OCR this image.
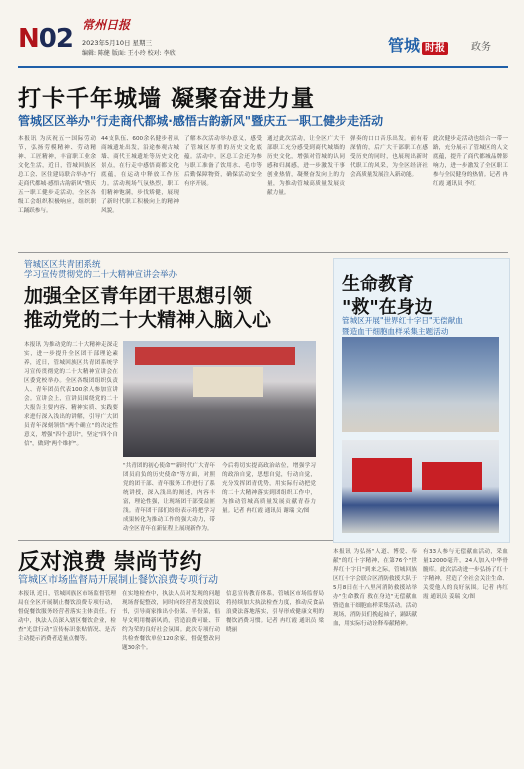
N02 常州日报
2023年5月10日 星期三
编辑: 陈健 版面: 王小玲 校对: 李欣	管城 时报	政务
打卡千年城墙 凝聚奋进力量
管城区区举办"行走商代都城·感悟古韵新风"暨庆五一职工健步走活动
本报讯 为庆祝五一国际劳动节，弘扬劳模精神、劳动精神、工匠精神，丰富职工业余文化生活，近日，管城回族区总工会、区住建局联合举办"行走商代都城·感悟古韵新风"暨庆五一职工健步走活动。全区各级工会组织积极响应，组织职工踊跃参与。
44支队伍、600余名健步者从商城遗址出发，沿途参观古城墙、商代王城遗址等历史文化景点，在行走中感悟商都文化底蕴，在运动中释放工作压力。活动现场气氛热烈，职工们精神饱满，步伐矫健，展现了新时代职工积极向上的精神风貌。
了解本次活动举办意义，感受了管城区厚重的历史文化底蕴。活动中，区总工会还为参与职工准备了饮用水、毛巾等后勤保障物资，确保活动安全有序开展。
通过此次活动，让全区广大干部职工充分感受到商代城墙的历史文化，增强对管城的认同感和归属感，进一步激发干事创业热情，凝聚奋发向上的力量，为推动管城高质量发展贡献力量。
弹奏的口口音乐出发。前有着深情的，后广大干部职工在感受历史的同时，也展现出新时代职工的风采，为全区经济社会高质量发展注入新动能。
此次健步走活动也结合一带一路，充分展示了管城区的人文底蕴，提升了商代都城品牌影响力，进一步激发了全区职工参与全民健身的热情。记者 冉红霞 通讯员 李红
管城区区共青团系统
学习宣传贯彻党的二十大精神宣讲会举办
加强全区青年团干思想引领
推动党的二十大精神入脑入心
本报讯 为推动党的二十大精神走深走实，进一步提升全区团干部理论素养，近日，管城回族区共青团系统学习宣传贯彻党的二十大精神宣讲会在区委党校举办。全区各级团组织负责人、青年团员代表100余人参加宣讲会。宣讲会上，宣讲员围绕党的二十大报告主要内容、精神实质、实践要求进行深入浅出的讲解，引导广大团员青年深刻领悟"两个确立"的决定性意义，增强"四个意识"，坚定"四个自信"，做到"两个维护"。
"共青团的初心使命""新时代广大青年团员肩负的历史使命"等方面，对照党的团干部、青年服务工作进行了系统讲授，深入浅出的阐述，内容丰富，理论性强，让现场团干部受益匪浅。青年团干部们纷纷表示将把学习成果转化为推动工作的强大动力，带动全区青年在新征程上展现新作为。
今后将切实提高政治站位，增强学习的政治自觉，思想自觉，行动自觉，充分发挥团青优势，用实际行动把党的二十大精神落实到团组织工作中，为推动管城高质量发展贡献青春力量。记者 冉红霞 通讯员 谢瑞 文/图
生命教育
"救"在身边
管城区开展"世界红十字日"无偿献血
暨造血干细胞血样采集主题活动
反对浪费 崇尚节约
管城区市场监督局开展制止餐饮浪费专项行动
本报讯 近日，管城回族区市场监督管理局在全区开展制止餐饮浪费专项行动，督促餐饮服务经营者落实主体责任。行动中，执法人员深入辖区餐饮企业，检查"光盘行动"宣传标识张贴情况、是否主动提示消费者适量点餐等。
在实地检查中，执法人员对发现的问题现场督促整改，同时向经营者发放倡议书，引导商家推出小份菜、半份菜，倡导文明用餐新风尚，营造浪费可耻、节约为荣的良好社会氛围。此次专项行动共检查餐饮单位120余家，督促整改问题30余个。
信息宣传教育体系，管城区市场监督局将持续加大执法检查力度，推动反食品浪费法落地落实，引导形成健康文明的餐饮消费习惯。记者 冉红霞 通讯员 梁晓丽
本报讯 为弘扬"人道、博爱、奉献"的红十字精神，在第76个"世界红十字日"到来之际，管城回族区红十字会联合区消防救援大队于5月8日在十八里河消防救援站举办"生命教育 救在身边"无偿献血暨造血干细胞血样采集活动。活动现场，消防员们挽起袖子，踊跃献血，用实际行动诠释奉献精神。
有33人参与无偿献血活动，采血量12000毫升，24人加入中华骨髓库。此次活动进一步弘扬了红十字精神，营造了全社会关注生命、关爱他人的良好氛围。记者 冉红霞 通讯员 姜瑞 文/图
